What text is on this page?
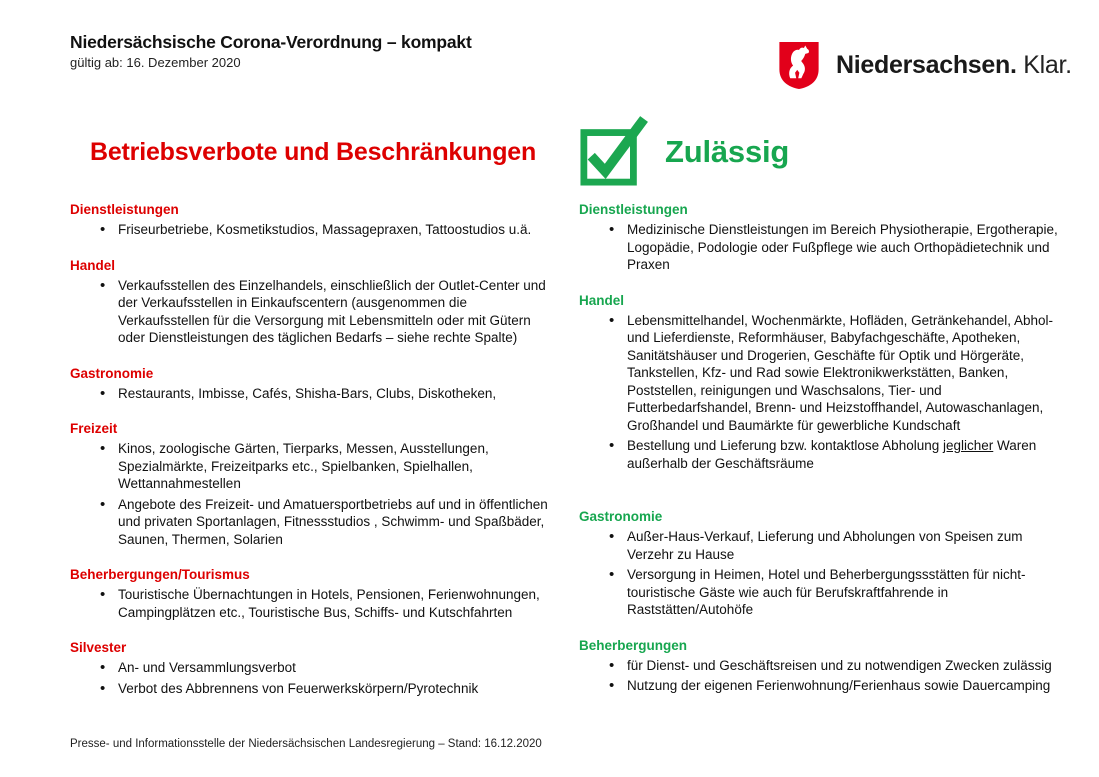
Niedersächsische Corona-Verordnung – kompakt
gültig ab: 16. Dezember 2020	Niedersachsen. Klar.
Betriebsverbote und Beschränkungen
Dienstleistungen
• Friseurbetriebe, Kosmetikstudios, Massagepraxen, Tattoostudios u.ä.
Handel
• Verkaufsstellen des Einzelhandels, einschließlich der Outlet-Center und der Verkaufsstellen in Einkaufscentern (ausgenommen die Verkaufsstellen für die Versorgung mit Lebensmitteln oder mit Gütern oder Dienstleistungen des täglichen Bedarfs – siehe rechte Spalte)
Gastronomie
• Restaurants, Imbisse, Cafés, Shisha-Bars, Clubs, Diskotheken,
Freizeit
• Kinos, zoologische Gärten, Tierparks, Messen, Ausstellungen, Spezialmärkte, Freizeitparks etc., Spielbanken, Spielhallen, Wettannahmestellen
• Angebote des Freizeit- und Amatuersportbetriebs auf und in öffentlichen und privaten Sportanlagen, Fitnessstudios , Schwimm- und Spaßbäder, Saunen, Thermen, Solarien
Beherbergungen/Tourismus
• Touristische Übernachtungen in Hotels, Pensionen, Ferienwohnungen, Campingplätzen etc., Touristische Bus, Schiffs- und Kutschfahrten
Silvester
• An- und Versammlungsverbot
• Verbot des Abbrennens von Feuerwerkskörpern/Pyrotechnik
Zulässig
Dienstleistungen
• Medizinische Dienstleistungen im Bereich Physiotherapie, Ergotherapie, Logopädie, Podologie oder Fußpflege wie auch Orthopädietechnik und Praxen
Handel
• Lebensmittelhandel, Wochenmärkte, Hofläden, Getränkehandel, Abhol- und Lieferdienste, Reformhäuser, Babyfachgeschäfte, Apotheken, Sanitätshäuser und Drogerien, Geschäfte für Optik und Hörgeräte, Tankstellen, Kfz- und Rad sowie Elektronikwerkstätten, Banken, Poststellen, reinigungen und Waschsalons, Tier- und Futterbedarfshandel, Brenn- und Heizstoffhandel, Autowaschanlagen, Großhandel und Baumärkte für gewerbliche Kundschaft
• Bestellung und Lieferung bzw. kontaktlose Abholung jeglicher Waren außerhalb der Geschäftsräume
Gastronomie
• Außer-Haus-Verkauf, Lieferung und Abholungen von Speisen zum Verzehr zu Hause
• Versorgung in Heimen, Hotel und Beherbergungssstätten für nicht-touristische Gäste wie auch für Berufskraftfahrende in Raststätten/Autohöfe
Beherbergungen
• für Dienst- und Geschäftsreisen und zu notwendigen Zwecken zulässig
• Nutzung der eigenen Ferienwohnung/Ferienhaus sowie Dauercamping
Presse- und Informationsstelle der Niedersächsischen Landesregierung – Stand: 16.12.2020
